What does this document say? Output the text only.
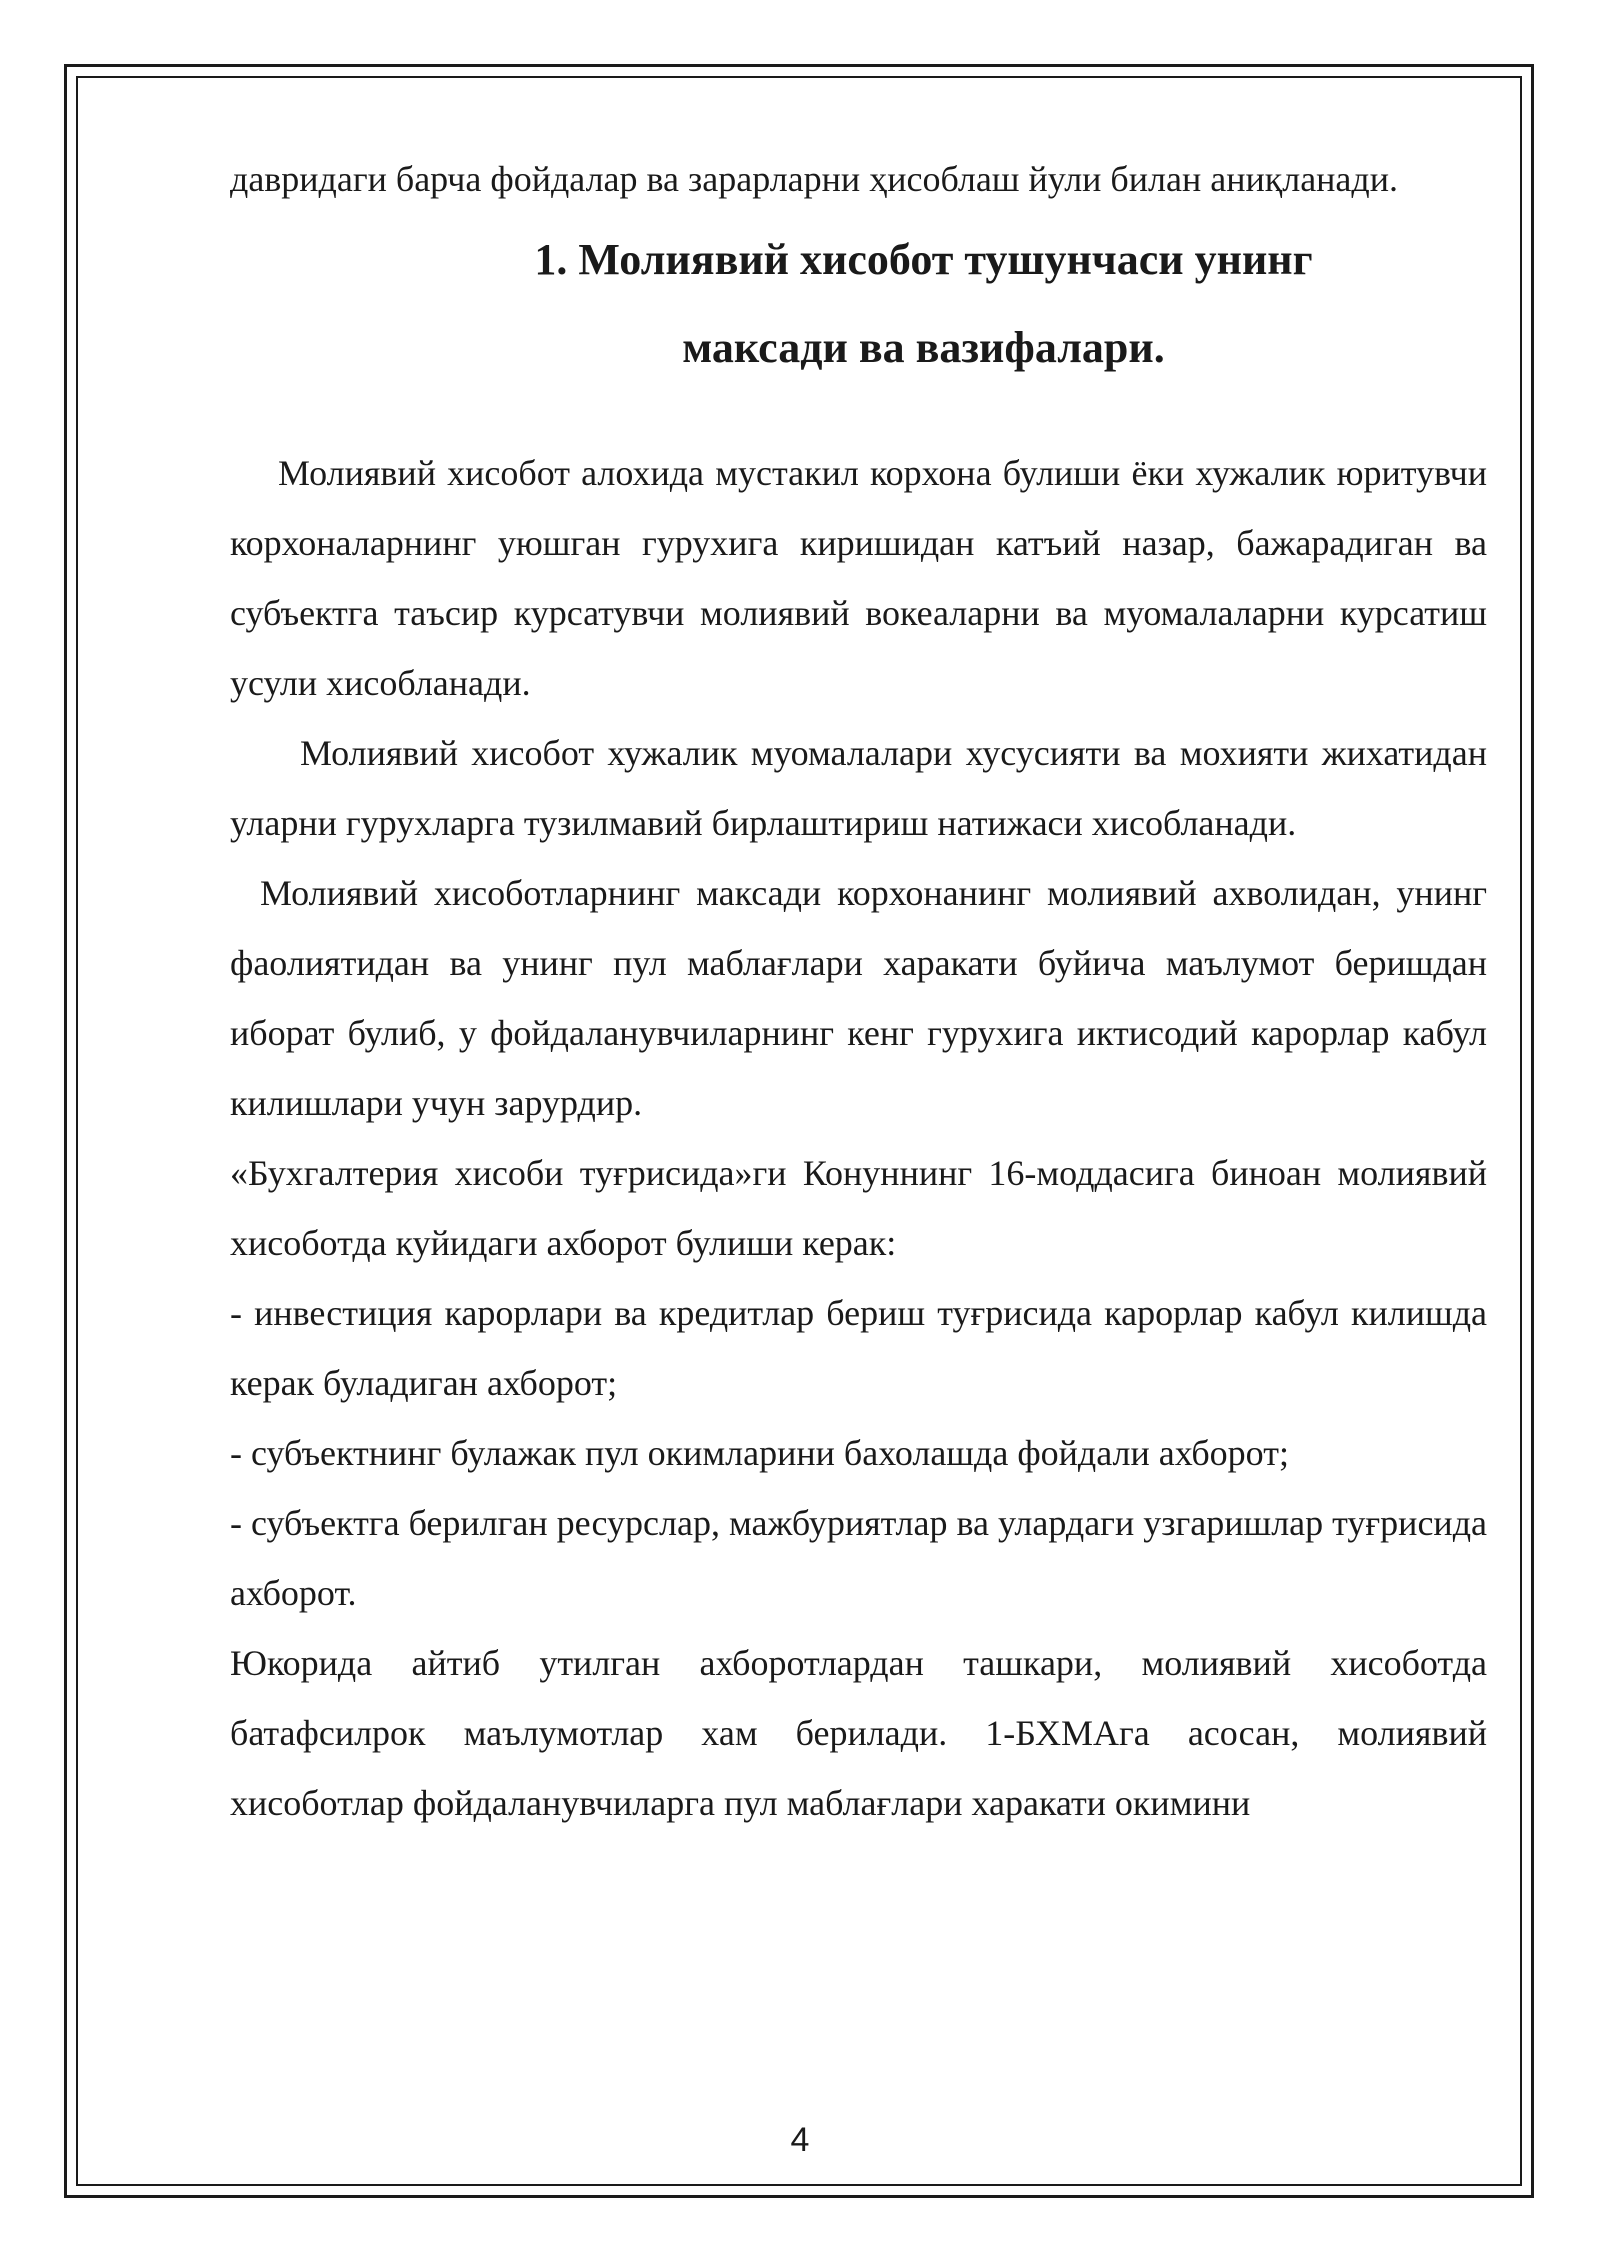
давридаги барча фойдалар ва зарарларни ҳисоблаш йули билан аниқланади.

1. Молиявий хисобот тушунчаси унинг
максади ва вазифалари.

Молиявий хисобот алохида мустакил корхона булиши ёки хужалик юритувчи корхоналарнинг уюшган гурухига киришидан катъий назар, бажарадиган ва субъектга таъсир курсатувчи молиявий вокеаларни ва муомалаларни курсатиш усули хисобланади.

Молиявий хисобот хужалик муомалалари хусусияти ва мохияти жихатидан уларни гурухларга тузилмавий бирлаштириш натижаси хисобланади.

Молиявий хисоботларнинг максади корхонанинг молиявий ахволидан, унинг фаолиятидан ва унинг пул маблағлари харакати буйича маълумот беришдан иборат булиб, у фойдаланувчиларнинг кенг гурухига иктисодий карорлар кабул килишлари учун зарурдир.

«Бухгалтерия хисоби туғрисида»ги Конуннинг 16-моддасига биноан молиявий хисоботда куйидаги ахборот булиши керак:

- инвестиция карорлари ва кредитлар бериш туғрисида карорлар кабул килишда керак буладиган ахборот;

- субъектнинг булажак пул окимларини бахолашда фойдали ахборот;

- субъектга берилган ресурслар, мажбуриятлар ва улардаги узгаришлар туғрисида ахборот.

Юкорида айтиб утилган ахборотлардан ташкари, молиявий хисоботда батафсилрок маълумотлар хам берилади. 1-БХМАга асосан, молиявий хисоботлар фойдаланувчиларга пул маблағлари харакати окимини

4
